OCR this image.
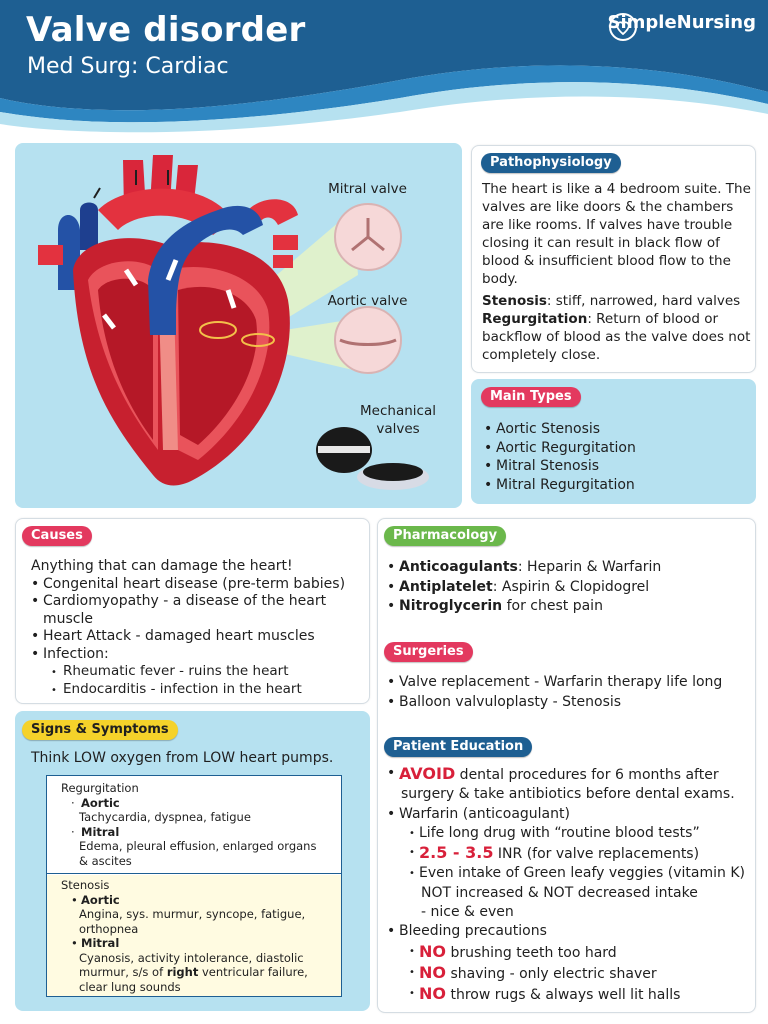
Valve disorder
Med Surg: Cardiac
SimpleNursing
Mitral valve
Aortic valve
Mechanical
valves
Pathophysiology

The heart is like a 4 bedroom suite. The valves are like doors & the chambers are like rooms. If valves have trouble closing it can result in black flow of blood & insufficient blood flow to the body.

Stenosis: stiff, narrowed, hard valves

Regurgitation: Return of blood or backflow of blood as the valve does not completely close.

Main Types
• Aortic Stenosis
• Aortic Regurgitation
• Mitral Stenosis
• Mitral Regurgitation
Causes

Anything that can damage the heart!

• Congenital heart disease (pre-term babies)
• Cardiomyopathy - a disease of the heart muscle
• Heart Attack - damaged heart muscles
• Infection:
• Rheumatic fever - ruins the heart
• Endocarditis - infection in the heart
Signs & Symptoms
Think LOW oxygen from LOW heart pumps.
Regurgitation
· Aortic
Tachycardia, dyspnea, fatigue
· Mitral
Edema, pleural effusion, enlarged organs
& ascites
Stenosis
• Aortic
Angina, sys. murmur, syncope, fatigue,
orthopnea
• Mitral
Cyanosis, activity intolerance, diastolic
murmur, s/s of right ventricular failure,
clear lung sounds
Pharmacology
• Anticoagulants: Heparin & Warfarin
• Antiplatelet: Aspirin & Clopidogrel
• Nitroglycerin for chest pain
Surgeries
• Valve replacement - Warfarin therapy life long
• Balloon valvuloplasty - Stenosis
Patient Education
• AVOID dental procedures for 6 months after
surgery & take antibiotics before dental exams.
• Warfarin (anticoagulant)
• Life long drug with “routine blood tests”
• 2.5 - 3.5 INR (for valve replacements)
• Even intake of Green leafy veggies (vitamin K)
NOT increased & NOT decreased intake
- nice & even
• Bleeding precautions
• NO brushing teeth too hard
• NO shaving - only electric shaver
• NO throw rugs & always well lit halls
